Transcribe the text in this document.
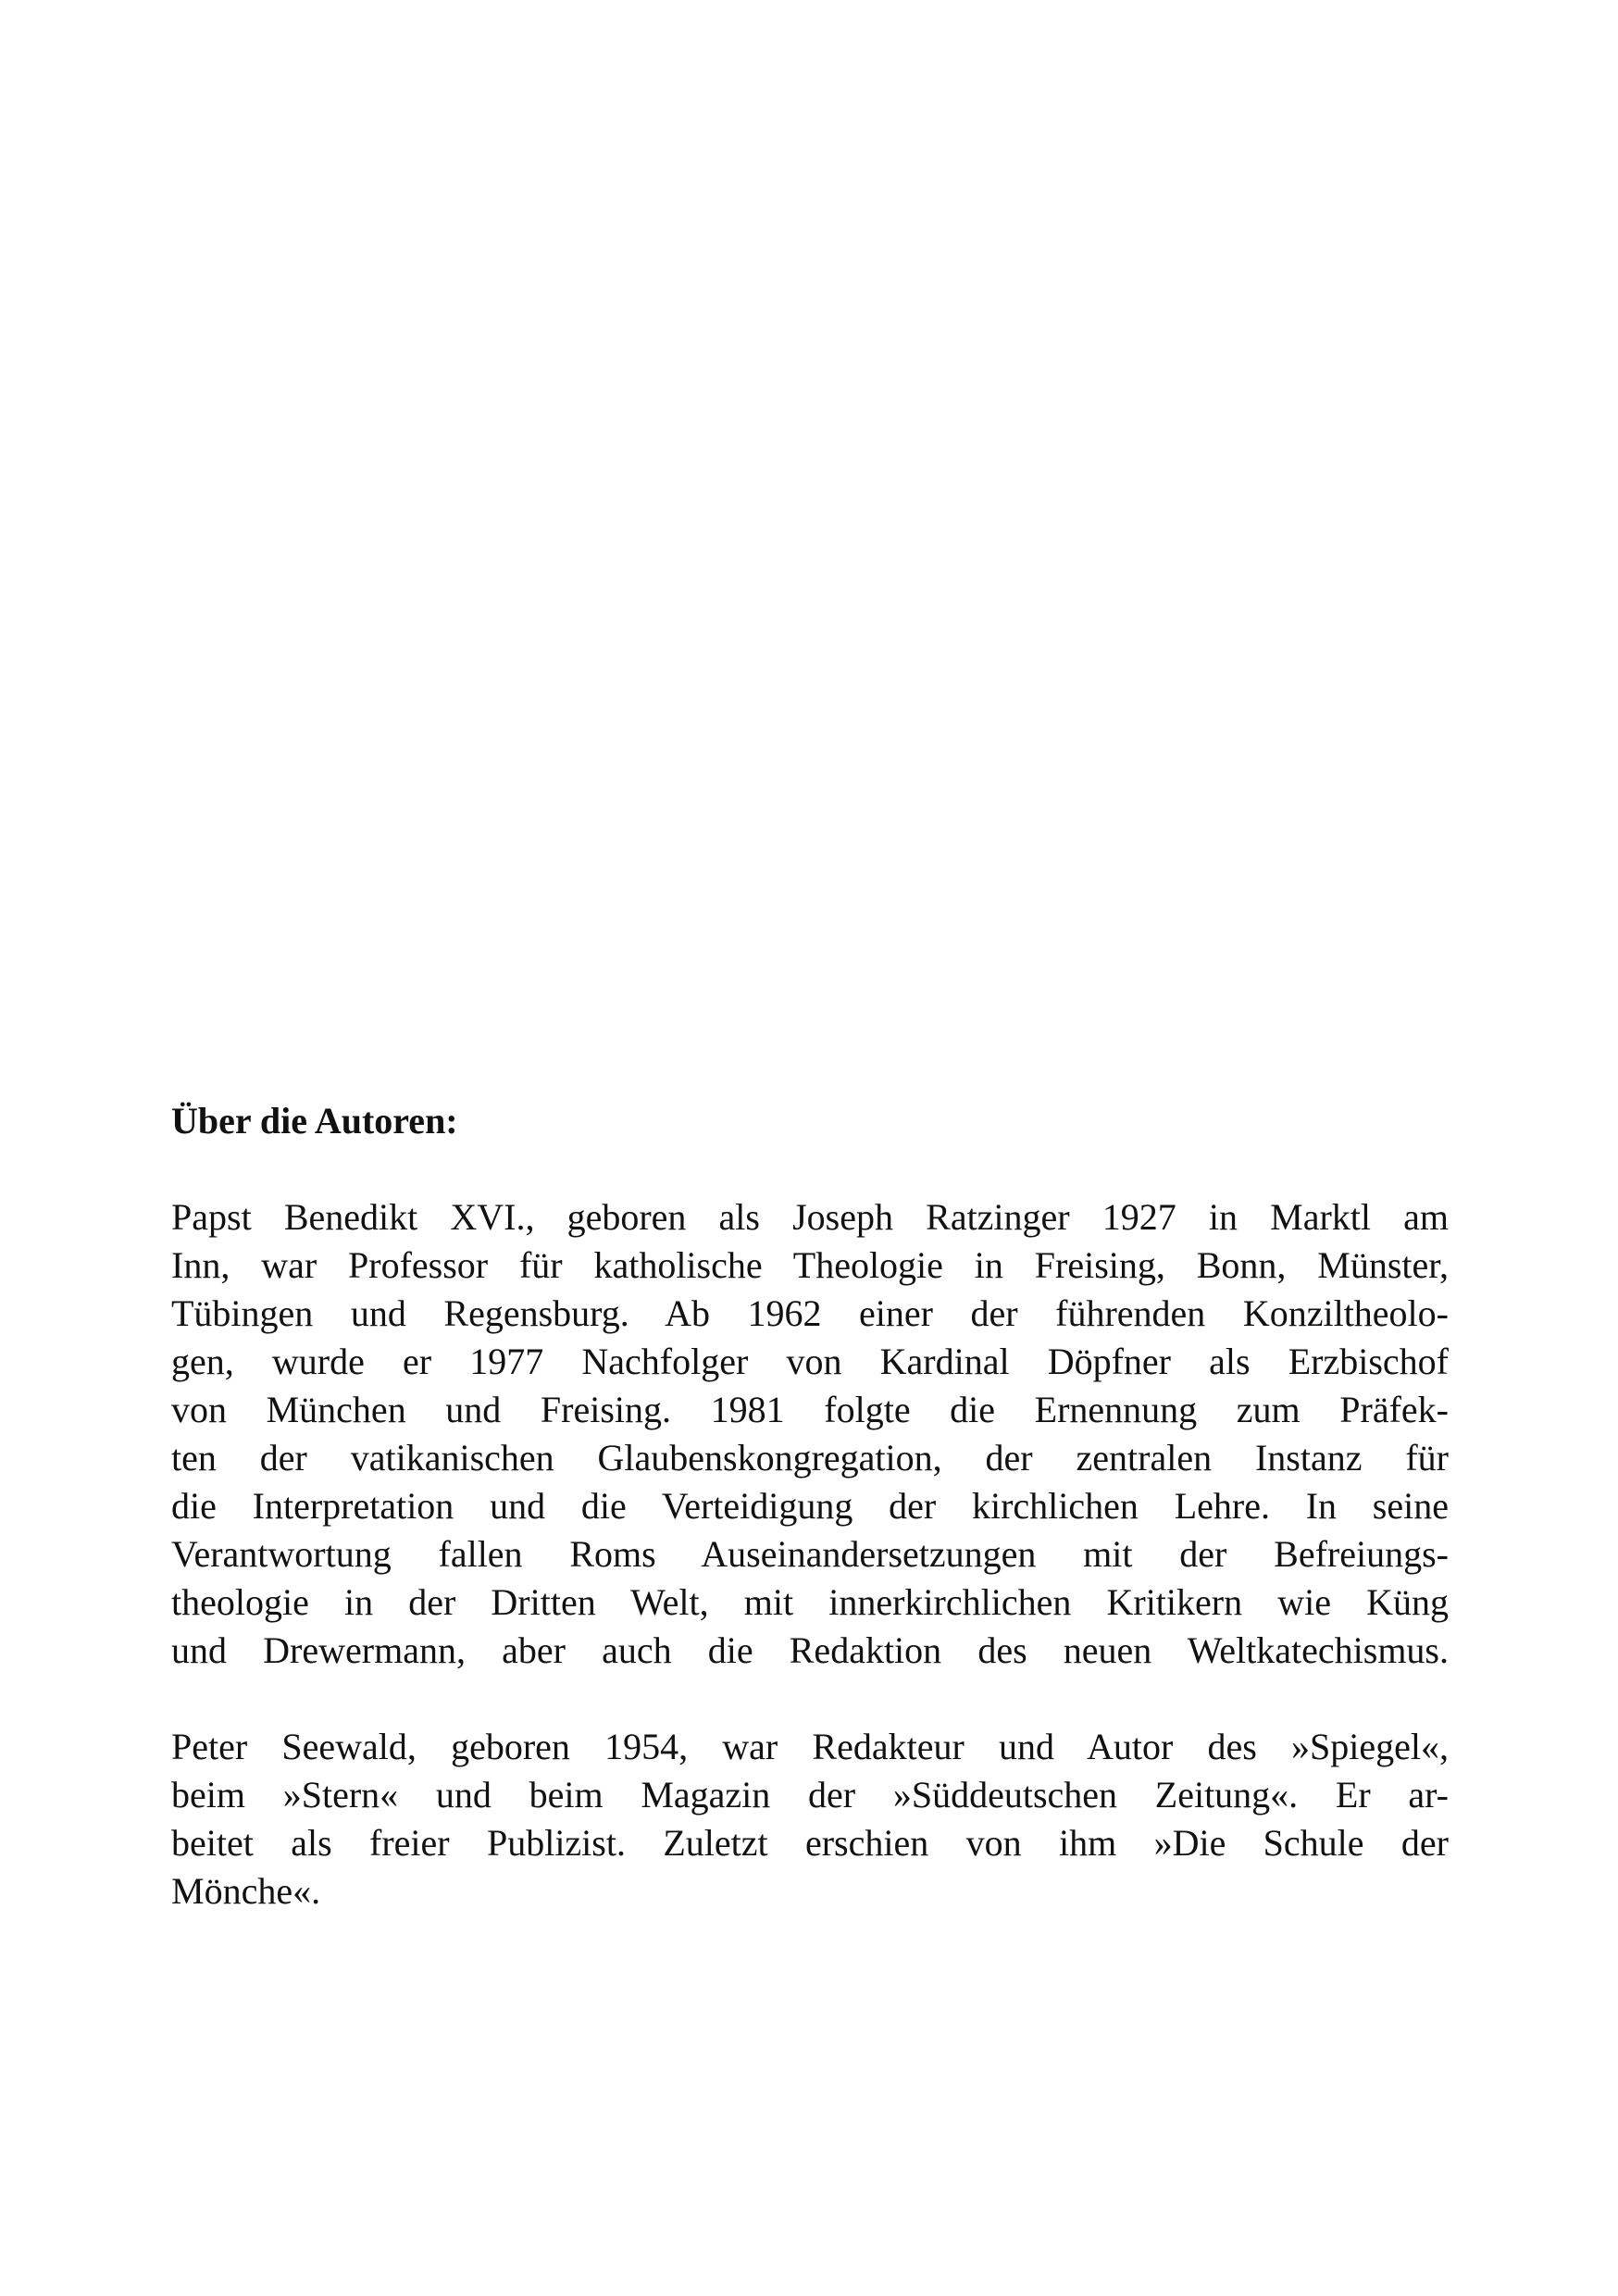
Über die Autoren:
Papst Benedikt XVI., geboren als Joseph Ratzinger 1927 in Marktl am
Inn, war Professor für katholische Theologie in Freising, Bonn, Münster,
Tübingen und Regensburg. Ab 1962 einer der führenden Konziltheolo-
gen, wurde er 1977 Nachfolger von Kardinal Döpfner als Erzbischof
von München und Freising. 1981 folgte die Ernennung zum Präfek-
ten der vatikanischen Glaubenskongregation, der zentralen Instanz für
die Interpretation und die Verteidigung der kirchlichen Lehre. In seine
Verantwortung fallen Roms Auseinandersetzungen mit der Befreiungs-
theologie in der Dritten Welt, mit innerkirchlichen Kritikern wie Küng
und Drewermann, aber auch die Redaktion des neuen Weltkatechismus.
Peter Seewald, geboren 1954, war Redakteur und Autor des »Spiegel«,
beim »Stern« und beim Magazin der »Süddeutschen Zeitung«. Er ar-
beitet als freier Publizist. Zuletzt erschien von ihm »Die Schule der
Mönche«.
